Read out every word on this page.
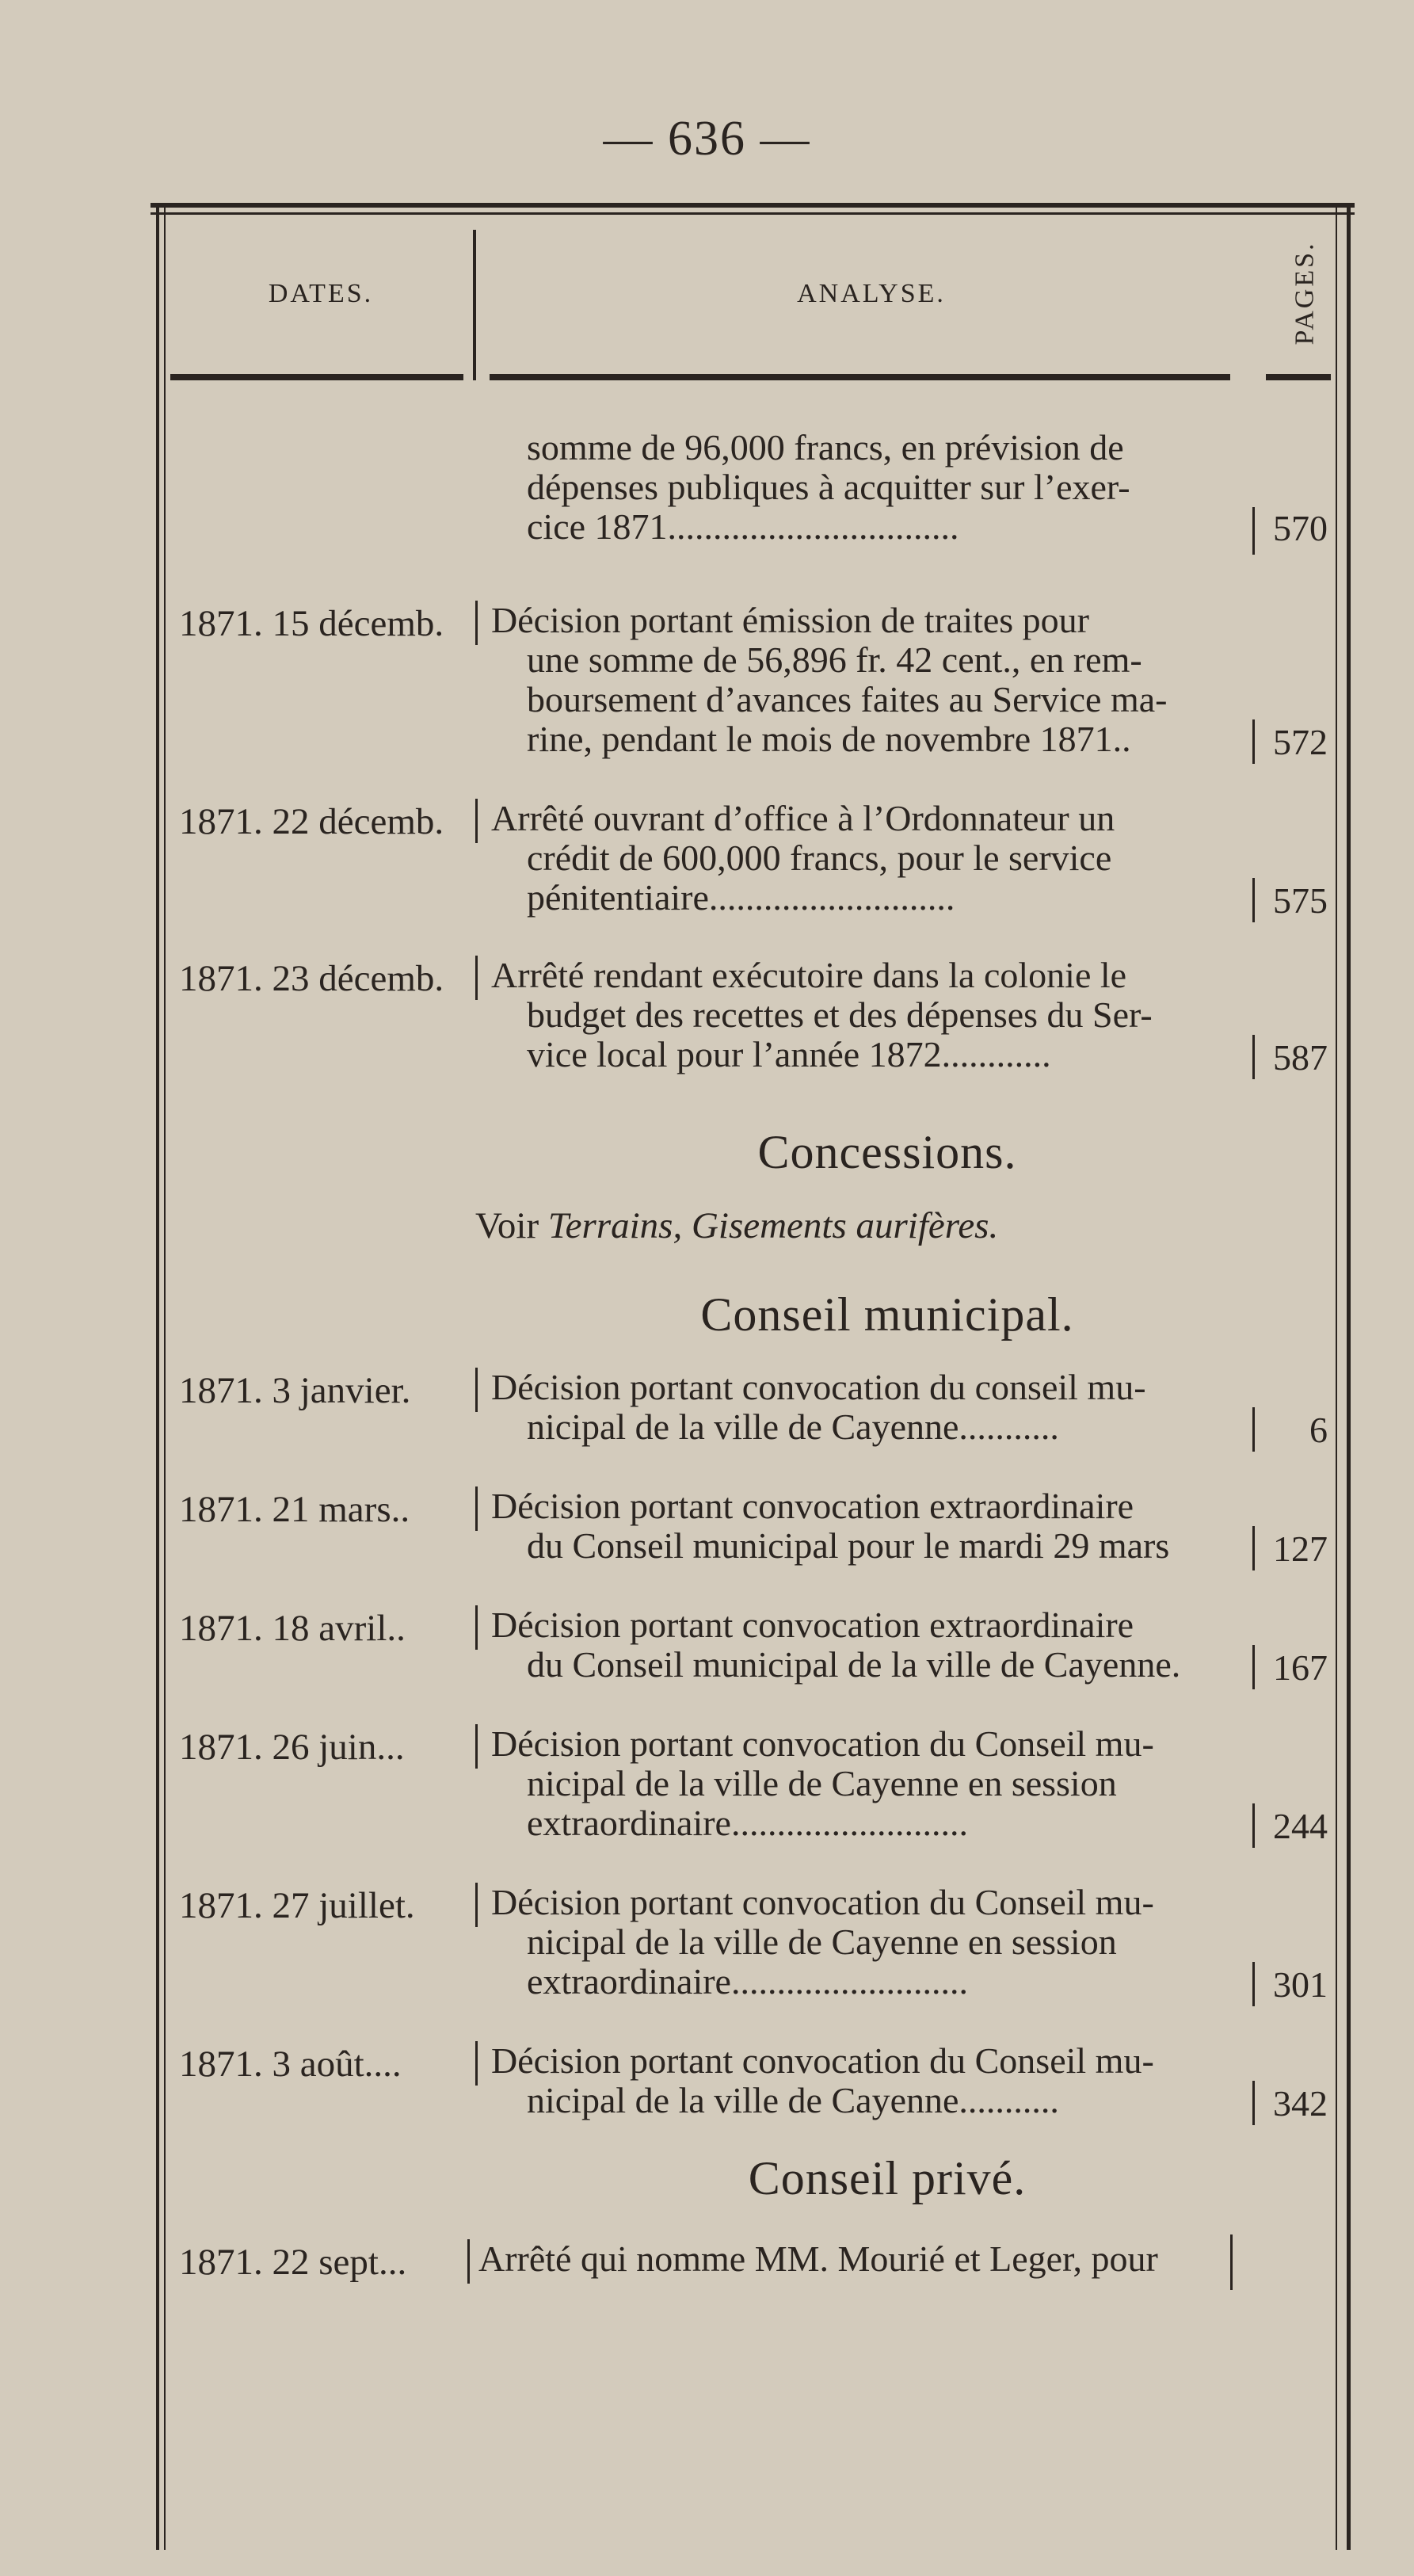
— 636 —
DATES.	ANALYSE.	PAGES.
somme de 96,000 francs, en prévision de
dépenses publiques à acquitter sur l’exer-
cice 1871................................	570
1871. 15 décemb.	Décision portant émission de traites pour
une somme de 56,896 fr. 42 cent., en rem-
boursement d’avances faites au Service ma-
rine, pendant le mois de novembre 1871..	572
1871. 22 décemb.	Arrêté ouvrant d’office à l’Ordonnateur un
crédit de 600,000 francs, pour le service
pénitentiaire...........................	575
1871. 23 décemb.	Arrêté rendant exécutoire dans la colonie le
budget des recettes et des dépenses du Ser-
vice local pour l’année 1872............	587
Concessions.
Voir Terrains, Gisements aurifères.
Conseil municipal.
1871. 3 janvier.	Décision portant convocation du conseil mu-
nicipal de la ville de Cayenne...........	6
1871. 21 mars..	Décision portant convocation extraordinaire
du Conseil municipal pour le mardi 29 mars	127
1871. 18 avril..	Décision portant convocation extraordinaire
du Conseil municipal de la ville de Cayenne.	167
1871. 26 juin...	Décision portant convocation du Conseil mu-
nicipal de la ville de Cayenne en session
extraordinaire..........................	244
1871. 27 juillet.	Décision portant convocation du Conseil mu-
nicipal de la ville de Cayenne en session
extraordinaire..........................	301
1871. 3 août....	Décision portant convocation du Conseil mu-
nicipal de la ville de Cayenne...........	342
Conseil privé.
1871. 22 sept...	Arrêté qui nomme MM. Mourié et Leger, pour
